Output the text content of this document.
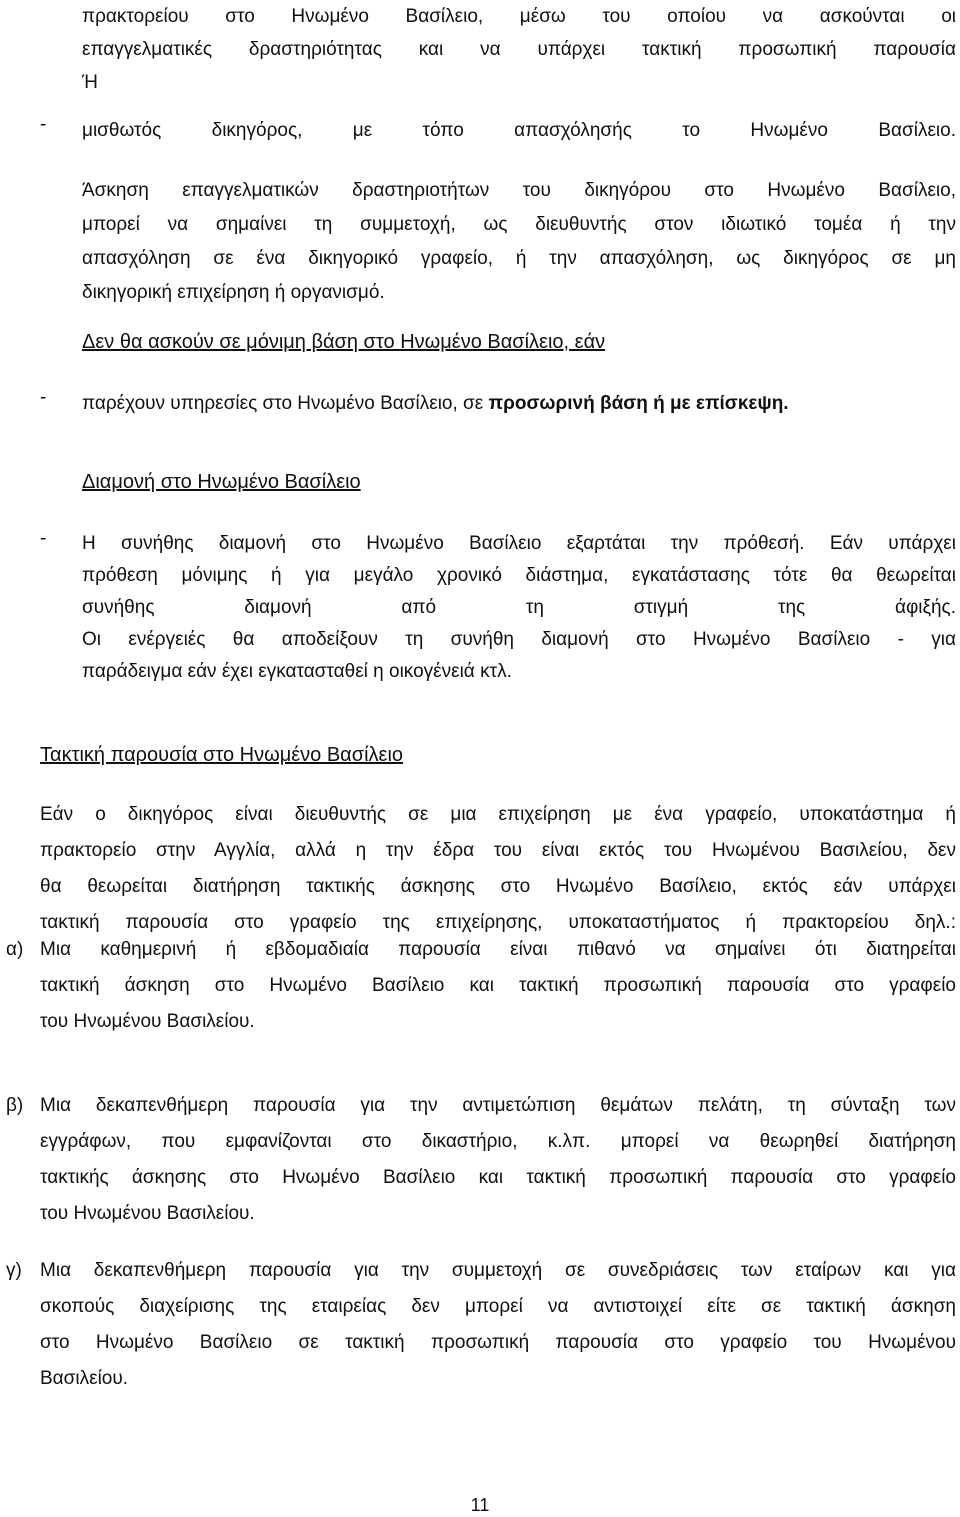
πρακτορείου στο Ηνωμένο Βασίλειο, μέσω του οποίου να ασκούνται οι
επαγγελματικές δραστηριότητας και να υπάρχει τακτική προσωπική παρουσία
Ή
- μισθωτός δικηγόρος, με τόπο απασχόλησής το Ηνωμένο Βασίλειο.
Άσκηση επαγγελματικών δραστηριοτήτων του δικηγόρου στο Ηνωμένο Βασίλειο,
μπορεί να σημαίνει τη συμμετοχή, ως διευθυντής στον ιδιωτικό τομέα ή την
απασχόληση σε ένα δικηγορικό γραφείο, ή την απασχόληση, ως δικηγόρος σε μη
δικηγορική επιχείρηση ή οργανισμό.
Δεν θα ασκούν σε μόνιμη βάση στο Ηνωμένο Βασίλειο, εάν
- παρέχουν υπηρεσίες στο Ηνωμένο Βασίλειο, σε προσωρινή βάση ή με επίσκεψη.
Διαμονή στο Ηνωμένο Βασίλειο
- Η συνήθης διαμονή στο Ηνωμένο Βασίλειο εξαρτάται την πρόθεσή. Εάν υπάρχει
πρόθεση μόνιμης ή για μεγάλο χρονικό διάστημα, εγκατάστασης τότε θα θεωρείται
συνήθης διαμονή από τη στιγμή της άφιξής.
Οι ενέργειές θα αποδείξουν τη συνήθη διαμονή στο Ηνωμένο Βασίλειο - για
παράδειγμα εάν έχει εγκατασταθεί η οικογένειά κτλ.
Τακτική παρουσία στο Ηνωμένο Βασίλειο
Εάν ο δικηγόρος είναι διευθυντής σε μια επιχείρηση με ένα γραφείο, υποκατάστημα ή
πρακτορείο στην Αγγλία, αλλά η την έδρα του είναι εκτός του Ηνωμένου Βασιλείου, δεν
θα θεωρείται διατήρηση τακτικής άσκησης στο Ηνωμένο Βασίλειο, εκτός εάν υπάρχει
τακτική παρουσία στο γραφείο της επιχείρησης, υποκαταστήματος ή πρακτορείου δηλ.:
α) Μια καθημερινή ή εβδομαδιαία παρουσία είναι πιθανό να σημαίνει ότι διατηρείται
τακτική άσκηση στο Ηνωμένο Βασίλειο και τακτική προσωπική παρουσία στο γραφείο
του Ηνωμένου Βασιλείου.
β) Μια δεκαπενθήμερη παρουσία για την αντιμετώπιση θεμάτων πελάτη, τη σύνταξη των
εγγράφων, που εμφανίζονται στο δικαστήριο, κ.λπ. μπορεί να θεωρηθεί διατήρηση
τακτικής άσκησης στο Ηνωμένο Βασίλειο και τακτική προσωπική παρουσία στο γραφείο
του Ηνωμένου Βασιλείου.
γ) Μια δεκαπενθήμερη παρουσία για την συμμετοχή σε συνεδριάσεις των εταίρων και για
σκοπούς διαχείρισης της εταιρείας δεν μπορεί να αντιστοιχεί είτε σε τακτική άσκηση
στο Ηνωμένο Βασίλειο σε τακτική προσωπική παρουσία στο γραφείο του Ηνωμένου
Βασιλείου.
11
